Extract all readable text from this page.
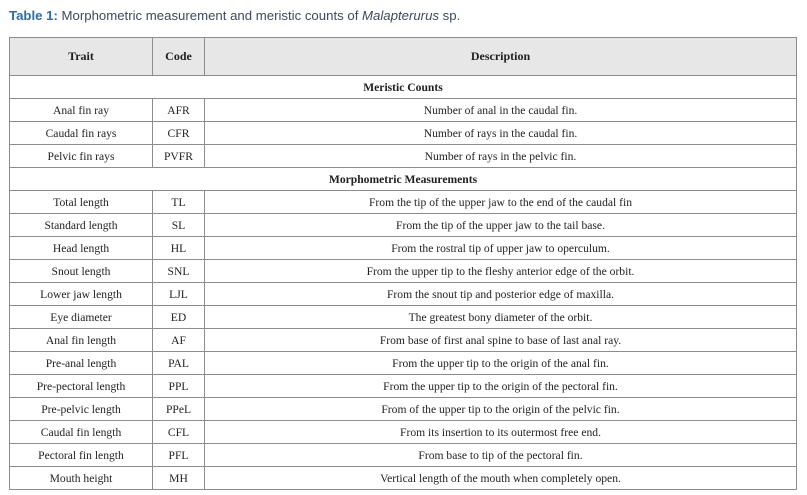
Table 1: Morphometric measurement and meristic counts of Malapterurus sp.
Trait	Code	Description
Meristic Counts		
Anal fin ray	AFR	Number of anal in the caudal fin.
Caudal fin rays	CFR	Number of rays in the caudal fin.
Pelvic fin rays	PVFR	Number of rays in the pelvic fin.
Morphometric Measurements		
Total length	TL	From the tip of the upper jaw to the end of the caudal fin
Standard length	SL	From the tip of the upper jaw to the tail base.
Head length	HL	From the rostral tip of upper jaw to operculum.
Snout length	SNL	From the upper tip to the fleshy anterior edge of the orbit.
Lower jaw length	LJL	From the snout tip and posterior edge of maxilla.
Eye diameter	ED	The greatest bony diameter of the orbit.
Anal fin length	AF	From base of first anal spine to base of last anal ray.
Pre-anal length	PAL	From the upper tip to the origin of the anal fin.
Pre-pectoral length	PPL	From the upper tip to the origin of the pectoral fin.
Pre-pelvic length	PPeL	From of the upper tip to the origin of the pelvic fin.
Caudal fin length	CFL	From its insertion to its outermost free end.
Pectoral fin length	PFL	From base to tip of the pectoral fin.
Mouth height	MH	Vertical length of the mouth when completely open.
